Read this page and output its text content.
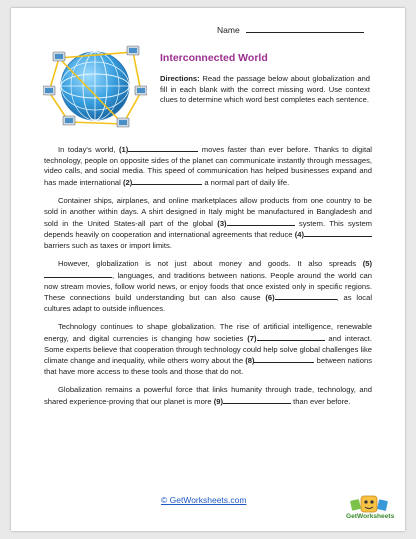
Name
Interconnected World
Directions: Read the passage below about globalization and fill in each blank with the correct missing word. Use context clues to determine which word best completes each sentence.

In today's world, (1)	moves faster than ever before. Thanks to digital technology, people on opposite sides of the planet can communicate instantly through messages, video calls, and social media. This speed of communication has helped businesses expand and has made international (2)	a normal part of daily life.

Container ships, airplanes, and online marketplaces allow products from one country to be sold in another within days. A shirt designed in Italy might be manufactured in Bangladesh and sold in the United States-all part of the global (3)	system. This system depends heavily on cooperation and international agreements that reduce (4) barriers such as taxes or import limits.

However, globalization is not just about money and goods. It also spreads (5), languages, and traditions between nations. People around the world can now stream movies, follow world news, or enjoy foods that once existed only in specific regions. These connections build understanding but can also cause (6)	, as local cultures adapt to outside influences.

Technology continues to shape globalization. The rise of artificial intelligence, renewable energy, and digital currencies is changing how societies (7)	and interact. Some experts believe that cooperation through technology could help solve global challenges like climate change and inequality, while others worry about the (8)	between nations that have more access to these tools and those that do not.

Globalization remains a powerful force that links humanity through trade, technology, and shared experience-proving that our planet is more (9)	than ever before.

© GetWorksheets.com
GetWorksheets
